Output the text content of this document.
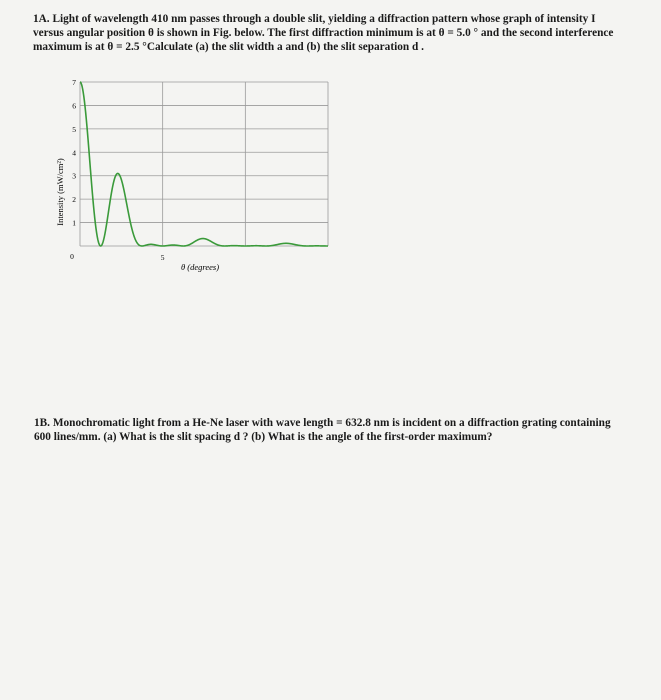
1A. Light of wavelength 410 nm passes through a double slit, yielding a diffraction pattern whose graph of intensity I
versus angular position θ is shown in Fig. below. The first diffraction minimum is at θ = 5.0 ° and the second interference
maximum is at θ = 2.5 °Calculate (a) the slit width a and (b) the slit separation d .
1
2
3
4
5
6
7
0	5
Intensity (mW/cm²)
θ (degrees)
1B. Monochromatic light from a He-Ne laser with wave length = 632.8 nm is incident on a diffraction grating containing
600 lines/mm. (a) What is the slit spacing d ? (b) What is the angle of the first-order maximum?
